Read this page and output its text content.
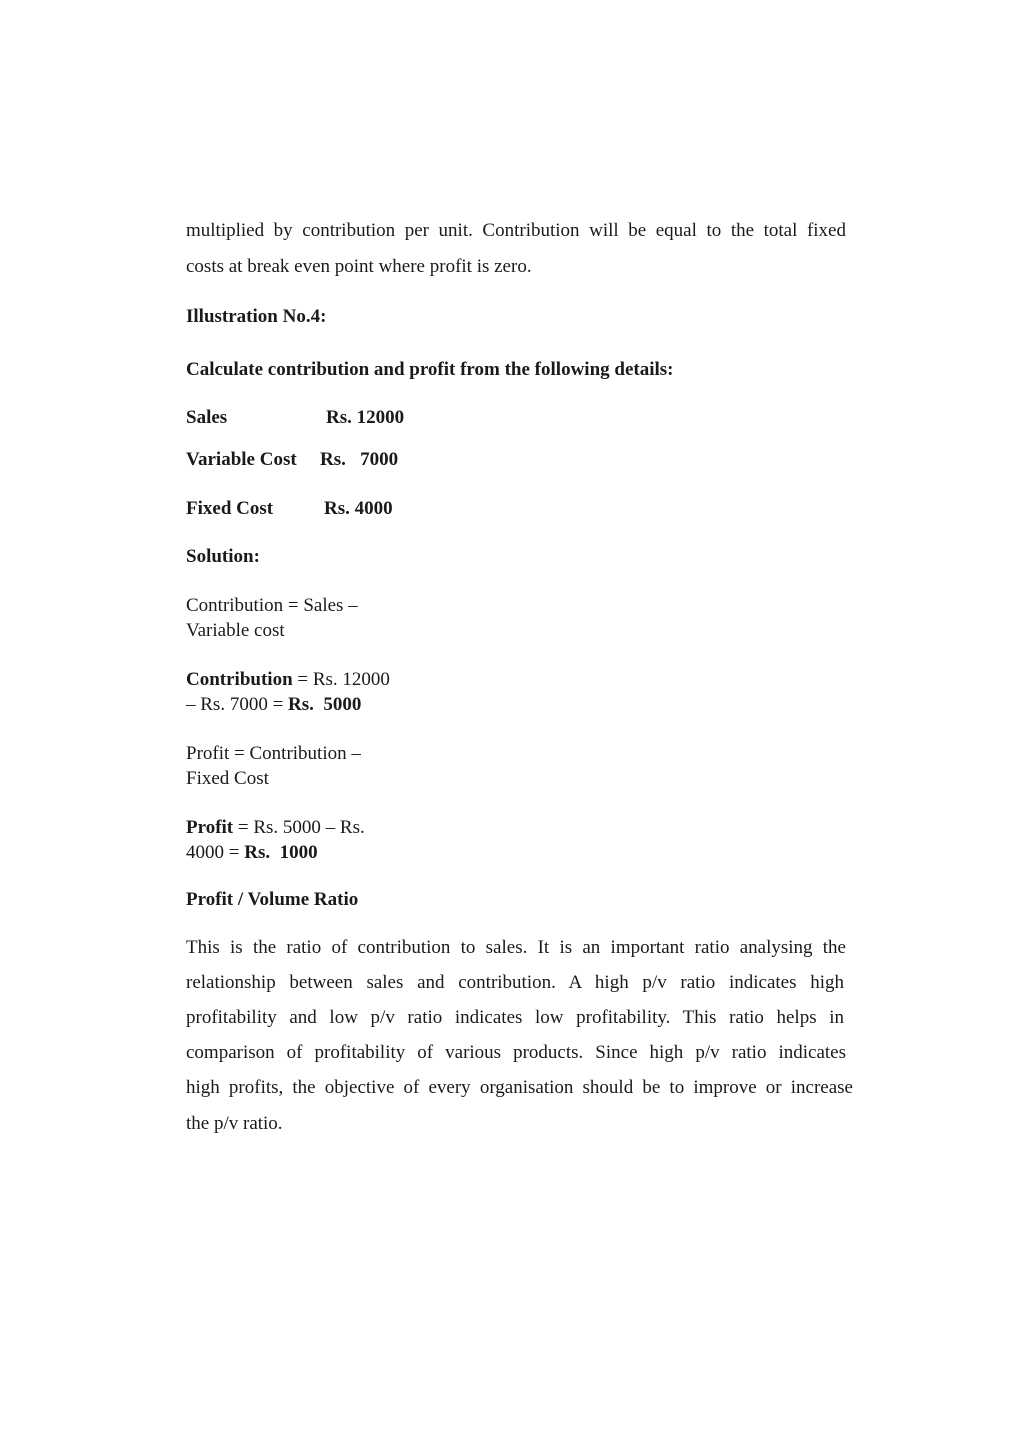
multiplied by contribution per unit. Contribution will be equal to the total fixed

costs at break even point where profit is zero.

Illustration No.4:

Calculate contribution and profit from the following details:

Sales	Rs. 12000

Variable Cost Rs.   7000

Fixed Cost	Rs. 4000

Solution:

Contribution = Sales –
Variable cost
Contribution = Rs. 12000
– Rs. 7000 = Rs.  5000
Profit = Contribution –
Fixed Cost
Profit = Rs. 5000 – Rs.
4000 = Rs.  1000

Profit / Volume Ratio

This is the ratio of contribution to sales. It is an important ratio analysing the

relationship between sales and contribution. A high p/v ratio indicates high

profitability and low p/v ratio indicates low profitability. This ratio helps in

comparison of profitability of various products. Since high p/v ratio indicates

high profits, the objective of every organisation should be to improve or increase

the p/v ratio.
